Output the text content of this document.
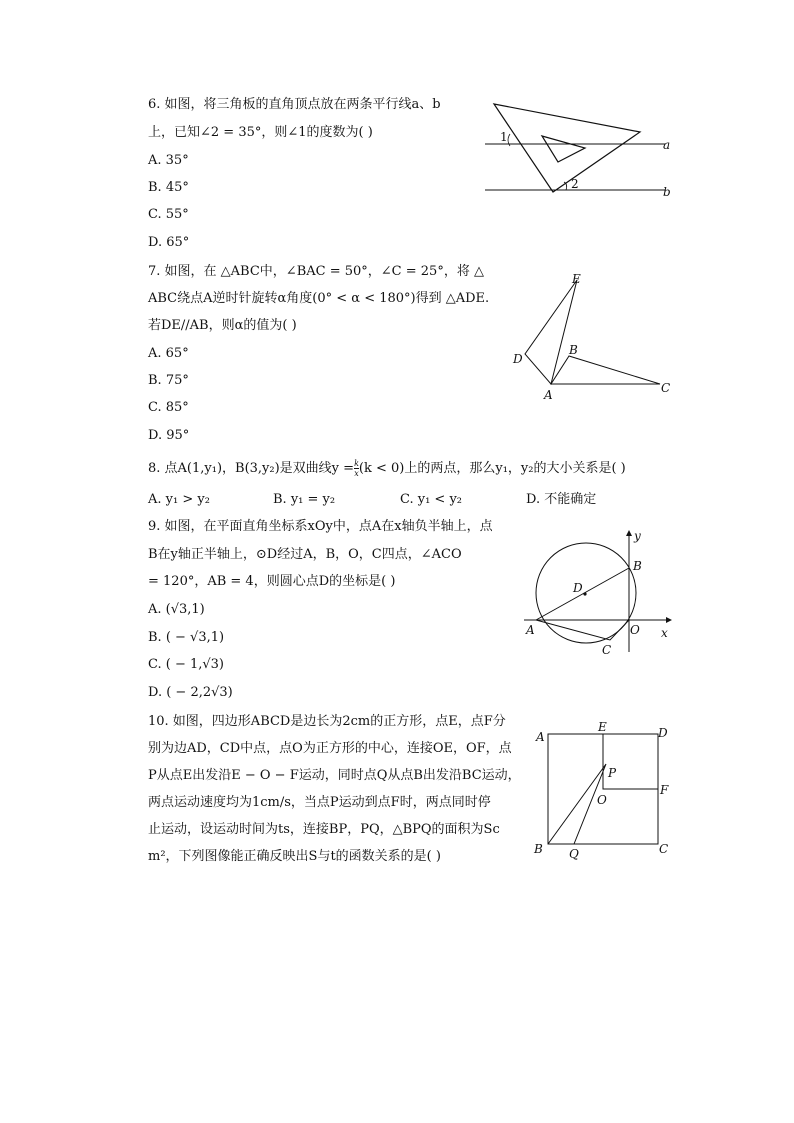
6. 如图，将三角板的直角顶点放在两条平行线a、b
上，已知∠2 = 35°，则∠1的度数为( )
A. 35°
B. 45°
C. 55°
D. 65°
1
2
a
b
7. 如图，在 △ABC中，∠BAC = 50°，∠C = 25°，将 △
ABC绕点A逆时针旋转α角度(0° < α < 180°)得到 △ADE.
若DE//AB，则α的值为( )
A. 65°
B. 75°
C. 85°
D. 95°
E
D
B
A	C
8. 点A(1,y₁)，B(3,y₂)是双曲线$y = \frac{k}{x} (k < 0)$上的两点，那么y₁，y₂的大小关系是( )
A. y₁ > y₂	B. y₁ = y₂	C. y₁ < y₂	D. 不能确定
9. 如图，在平面直角坐标系xOy中，点A在x轴负半轴上，点
B在y轴正半轴上，⊙D经过A，B，O，C四点，∠ACO
= 120°，AB = 4，则圆心点D的坐标是( )
A. (√3,1)
B. ( − √3,1)
C. ( − 1,√3)
D. ( − 2,2√3)
y
x
B
D
A	O
C
10. 如图，四边形ABCD是边长为2cm的正方形，点E，点F分
别为边AD，CD中点，点O为正方形的中心，连接OE，OF，点
P从点E出发沿E − O − F运动，同时点Q从点B出发沿BC运动，
两点运动速度均为1cm/s，当点P运动到点F时，两点同时停
止运动，设运动时间为ts，连接BP，PQ，△BPQ的面积为Sc
m²，下列图像能正确反映出S与t的函数关系的是( )
A
E	D
P
O
F
B Q	C
